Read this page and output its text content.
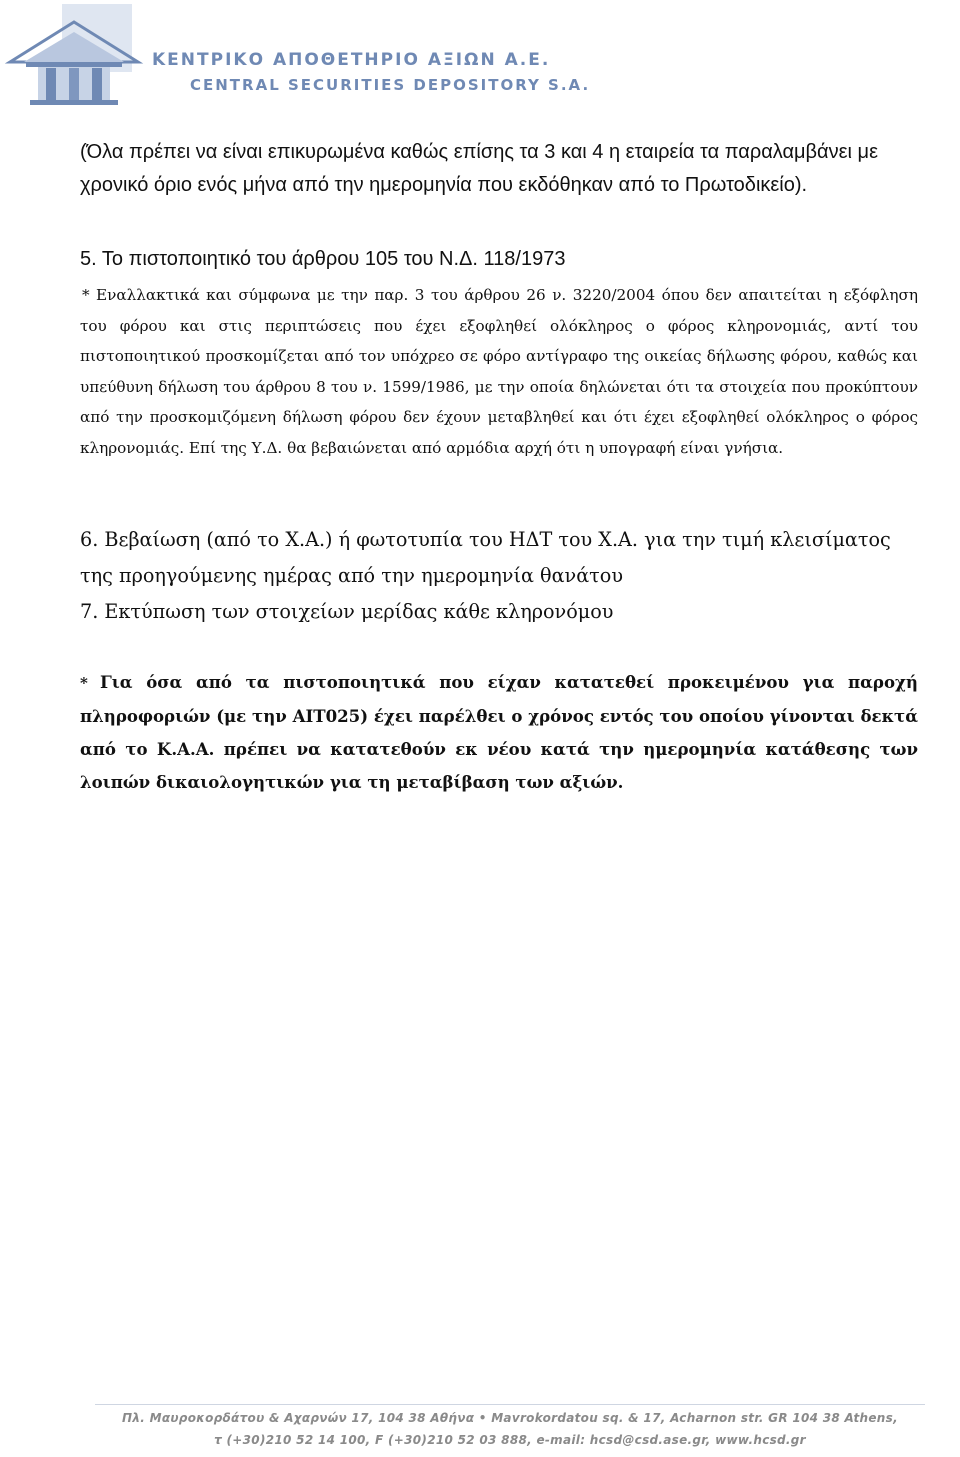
ΚΕΝΤΡΙΚΟ ΑΠΟΘΕΤΗΡΙΟ ΑΞΙΩΝ Α.Ε.
CENTRAL SECURITIES DEPOSITORY S.A.

(Όλα πρέπει να είναι επικυρωμένα καθώς επίσης τα 3 και 4 η εταιρεία τα παραλαμβάνει με χρονικό όριο ενός μήνα από την ημερομηνία που εκδόθηκαν από το Πρωτοδικείο).

5. Το πιστοποιητικό του άρθρου 105 του Ν.Δ. 118/1973

* Εναλλακτικά και σύμφωνα με την παρ. 3 του άρθρου 26 ν. 3220/2004 όπου δεν απαιτείται η εξόφληση του φόρου και στις περιπτώσεις που έχει εξοφληθεί ολόκληρος ο φόρος κληρονομιάς, αντί του πιστοποιητικού προσκομίζεται από τον υπόχρεο σε φόρο αντίγραφο της οικείας δήλωσης φόρου, καθώς και υπεύθυνη δήλωση του άρθρου 8 του ν. 1599/1986, με την οποία δηλώνεται ότι τα στοιχεία που προκύπτουν από την προσκομιζόμενη δήλωση φόρου δεν έχουν μεταβληθεί και ότι έχει εξοφληθεί ολόκληρος ο φόρος κληρονομιάς. Επί της Υ.Δ. θα βεβαιώνεται από αρμόδια αρχή ότι η υπογραφή είναι γνήσια.

6. Βεβαίωση (από το Χ.Α.) ή φωτοτυπία του ΗΔΤ του Χ.Α. για την τιμή κλεισίματος της προηγούμενης ημέρας από την ημερομηνία θανάτου

7. Εκτύπωση των στοιχείων μερίδας κάθε κληρονόμου

* Για όσα από τα πιστοποιητικά που είχαν κατατεθεί προκειμένου για παροχή πληροφοριών (με την ΑΙΤ025) έχει παρέλθει ο χρόνος εντός του οποίου γίνονται δεκτά από το Κ.Α.Α. πρέπει να κατατεθούν εκ νέου κατά την ημερομηνία κατάθεσης των λοιπών δικαιολογητικών για τη μεταβίβαση των αξιών.

Πλ. Μαυροκορδάτου & Αχαρνών 17, 104 38 Αθήνα • Mavrokordatou sq. & 17, Acharnon str. GR 104 38 Athens,
τ (+30)210 52 14 100, F (+30)210 52 03 888, e-mail: hcsd@csd.ase.gr, www.hcsd.gr
